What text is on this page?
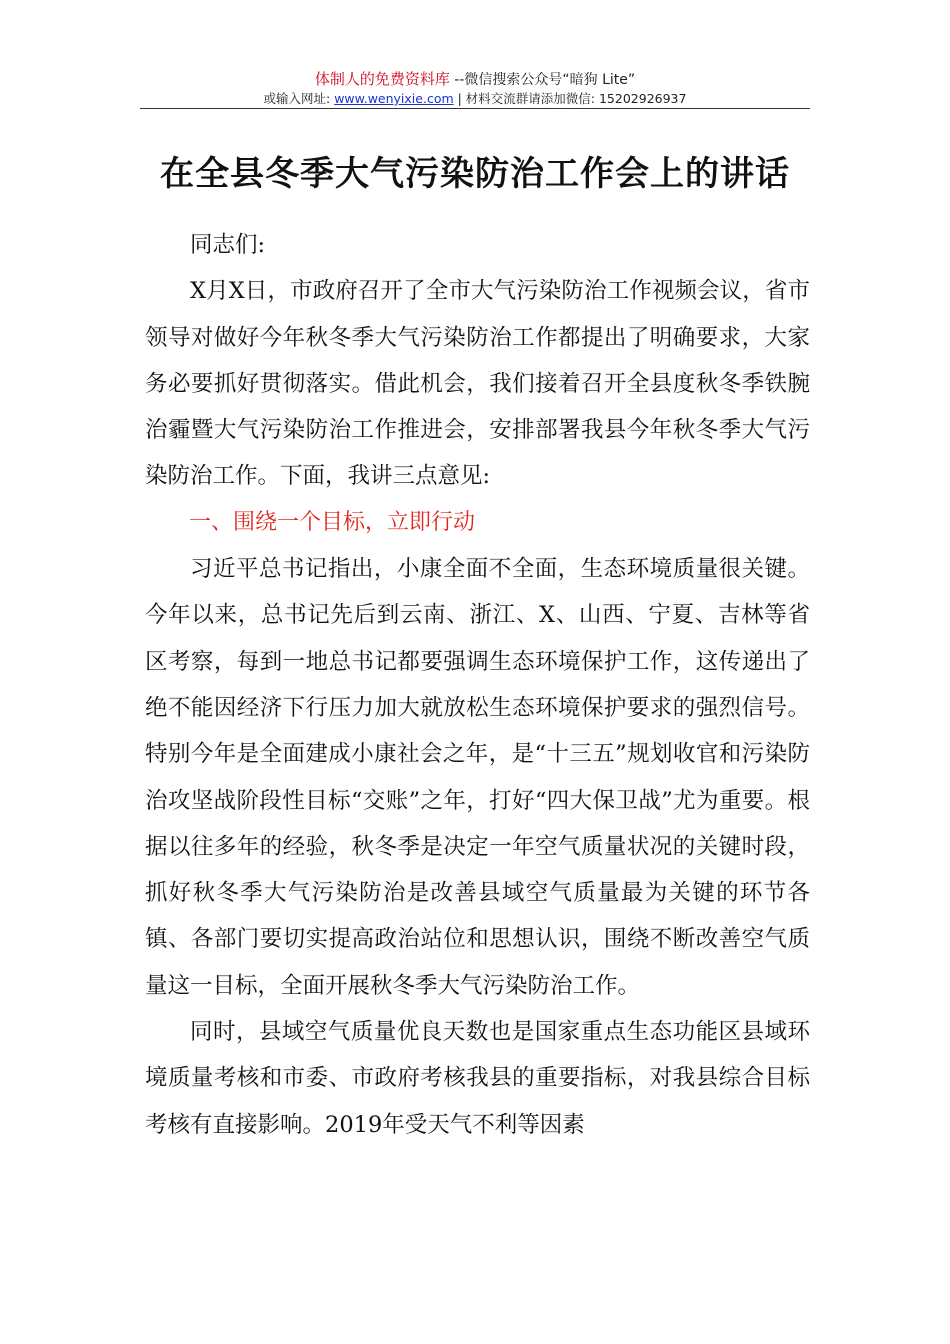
体制人的免费资料库 --微信搜索公众号“暗狗 Lite”
或输入网址: www.wenyixie.com | 材料交流群请添加微信: 15202926937
在全县冬季大气污染防治工作会上的讲话

同志们:

X月X日，市政府召开了全市大气污染防治工作视频会议，省市领导对做好今年秋冬季大气污染防治工作都提出了明确要求，大家务必要抓好贯彻落实。借此机会，我们接着召开全县度秋冬季铁腕治霾暨大气污染防治工作推进会，安排部署我县今年秋冬季大气污染防治工作。下面，我讲三点意见:

一、围绕一个目标，立即行动

习近平总书记指出，小康全面不全面，生态环境质量很关键。今年以来，总书记先后到云南、浙江、X、山西、宁夏、吉林等省区考察，每到一地总书记都要强调生态环境保护工作，这传递出了绝不能因经济下行压力加大就放松生态环境保护要求的强烈信号。特别今年是全面建成小康社会之年，是“十三五”规划收官和污染防治攻坚战阶段性目标“交账”之年，打好“四大保卫战”尤为重要。根据以往多年的经验，秋冬季是决定一年空气质量状况的关键时段，抓好秋冬季大气污染防治是改善县域空气质量最为关键的环节各镇、各部门要切实提高政治站位和思想认识，围绕不断改善空气质量这一目标，全面开展秋冬季大气污染防治工作。

同时，县域空气质量优良天数也是国家重点生态功能区县域环境质量考核和市委、市政府考核我县的重要指标，对我县综合目标考核有直接影响。2019年受天气不利等因素
